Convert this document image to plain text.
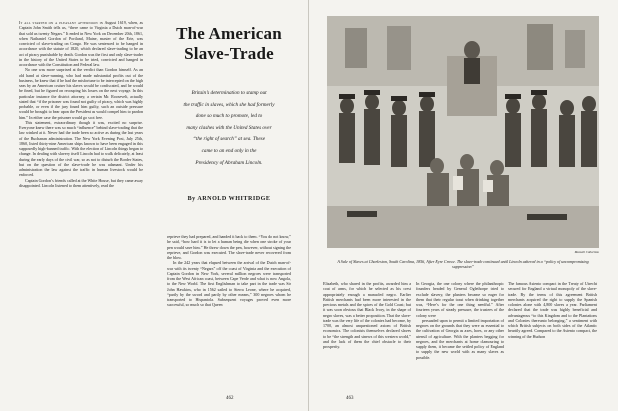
It all started on a pleasant afternoon in August 1619, when, as Captain John Smith tells us, “there came to Virginia a Dutch man-of-war that sold us twenty Negars.” It ended in New York on December 20th, 1861, when Nathaniel Gordon of Portland, Maine, master of the Erie, was convicted of slave-trading on Congo. He was sentenced to be hanged in accordance with the statute of 1820, which declared slave-trading to be an act of piracy punishable by death. Gordon was the first and only slave-trader in the history of the United States to be tried, convicted and hanged in accordance with the Constitution and Federal law.

No one was more surprised at the verdict than Gordon himself. As an old hand at slave-running, who had made substantial profits out of the business, he knew that if he had the misfortune to be intercepted on the high seas by an American cruiser his slaves would be confiscated, and he would be fined, but he figured on recouping his losses on the next voyage. In this particular instance the district attorney, a certain Mr. Roosevelt, actually stated that “if the prisoner was found not guilty of piracy, which was highly probable, or even if the jury found him guilty, such an outside pressure would be brought to bear upon the President as would compel him to pardon him.” In either case the prisoner would go scot free.

This statement, extraordinary though it was, excited no surprise. Everyone knew there was so much “influence” behind slave-trading that the law winked at it. Never had the trade been so active as during the last years of the Buchanan administration. The New York Evening Post, July 25th, 1860, listed thirty-nine American ships known to have been engaged in this supposedly high-banned traffic. With the election of Lincoln things began to change. In dealing with slavery itself Lincoln had to walk delicately, at least during the early days of the civil war, so as not to disturb the Border States, but on the question of the slave-trade he was adamant. Under his administration the law against the traffic in human livestock would be enforced.

Captain Gordon’s friends called at the White House, but they came away disappointed. Lincoln listened to them attentively, read the

The American Slave-Trade
Britain’s determination to stamp out
the traffic in slaves, which she had formerly
done so much to promote, led to
many clashes with the United States over
“the right of search” at sea. These
came to an end only in the
Presidency of Abraham Lincoln.
By ARNOLD WHITRIDGE

reprieve they had prepared, and handed it back to them. “You do not know,” he said, “how hard it is to let a human being die when one stroke of your pen would save him.” He threw down the pen, however, without signing the reprieve, and Gordon was executed. The slave-trade never recovered from the blow.

In the 242 years that elapsed between the arrival of the Dutch man-of-war with its twenty “Negars” off the coast of Virginia and the execution of Captain Gordon in New York, several million negroes were transported from the West African coast, between Cape Verde and what is now Angola, to the New World. The first Englishman to take part in the trade was Sir John Hawkins, who in 1562 sailed to Sierra Leone, where he acquired, “partly by the sword and partly by other means,” 300 negroes whom he transported to Hispaniola. Subsequent voyages proved even more successful, so much so that Queen

462
Mansell Collection
A Sale of Slaves at Charleston, South Carolina, 1856, After Eyre Crowe. The slave-trade continued until Lincoln ushered in a “policy of uncompromising suppression”

Elizabeth, who shared in the profits, awarded him a coat of arms, for which he selected as his crest appropriately enough a manacled negro. Earlier British merchants had been more interested in the precious metals and the spices of the Gold Coast; but it was soon obvious that Black Ivory, in the shape of negro slaves, was a better proposition. That the slave-trade was the very life of the colonies had become, by 1700, an almost unquestioned axiom of British economics. The colonists themselves declared slaves to be “the strength and sinews of this western world,” and the lack of them the chief obstacle to their prosperity.

In Georgia, the one colony where the philanthropic founders headed by General Oglethorpe tried to exclude slavery, the planters became so eager for them that their regular toast when drinking together was, “Here’s for the one thing needful.” After fourteen years of steady pressure, the trustees of the colony were

persuaded upon to permit a limited importation of negroes on the grounds that they were as essential to the cultivation of Georgia as axes, hoes, or any other utensil of agriculture. With the planters begging for negroes, and the merchants at home clamouring to supply them, it became the settled policy of England to supply the new world with as many slaves as possible.

The famous Asiento compact in the Treaty of Utrecht secured for England a virtual monopoly of the slave-trade. By the terms of this agreement British merchants acquired the right to supply the Spanish colonies alone with 4,800 slaves a year. Parliament declared that the trade was highly beneficial and advantageous “to this Kingdom and to the Plantations and Colonies thereunto belonging,” a sentiment with which British subjects on both sides of the Atlantic heartily agreed. Compared to the Asiento compact, the winning of the Hudson

463
